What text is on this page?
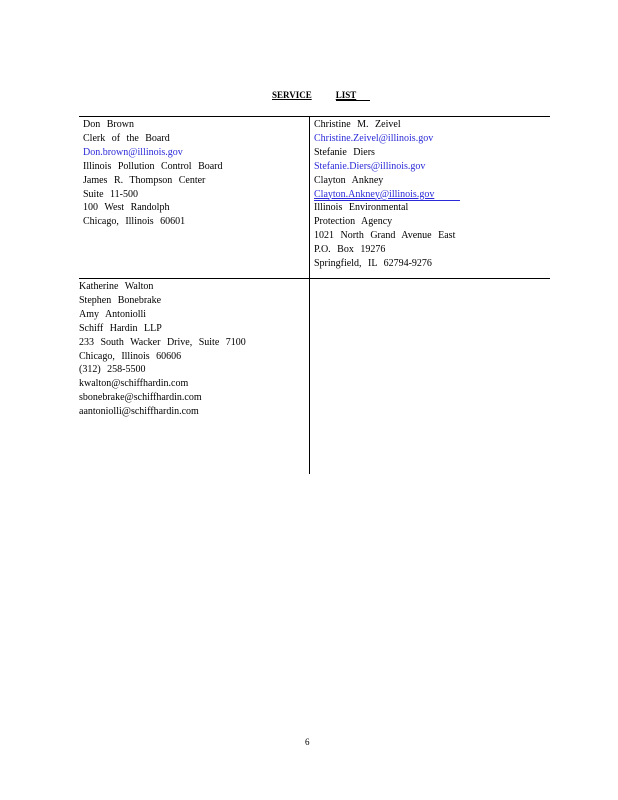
SERVICE	LIST
Don Brown
Clerk of the Board
Don.brown@illinois.gov
Illinois Pollution Control Board
James R. Thompson Center
Suite 11-500
100 West Randolph
Chicago, Illinois 60601
Christine M. Zeivel
Christine.Zeivel@illinois.gov
Stefanie Diers
Stefanie.Diers@illinois.gov
Clayton Ankney
Clayton.Ankney@illinois.gov
Illinois Environmental
Protection Agency
1021 North Grand Avenue East
P.O. Box 19276
Springfield, IL 62794-9276
Katherine Walton
Stephen Bonebrake
Amy Antoniolli
Schiff Hardin LLP
233 South Wacker Drive, Suite 7100
Chicago, Illinois 60606
(312) 258-5500
kwalton@schiffhardin.com
sbonebrake@schiffhardin.com
aantoniolli@schiffhardin.com
6
